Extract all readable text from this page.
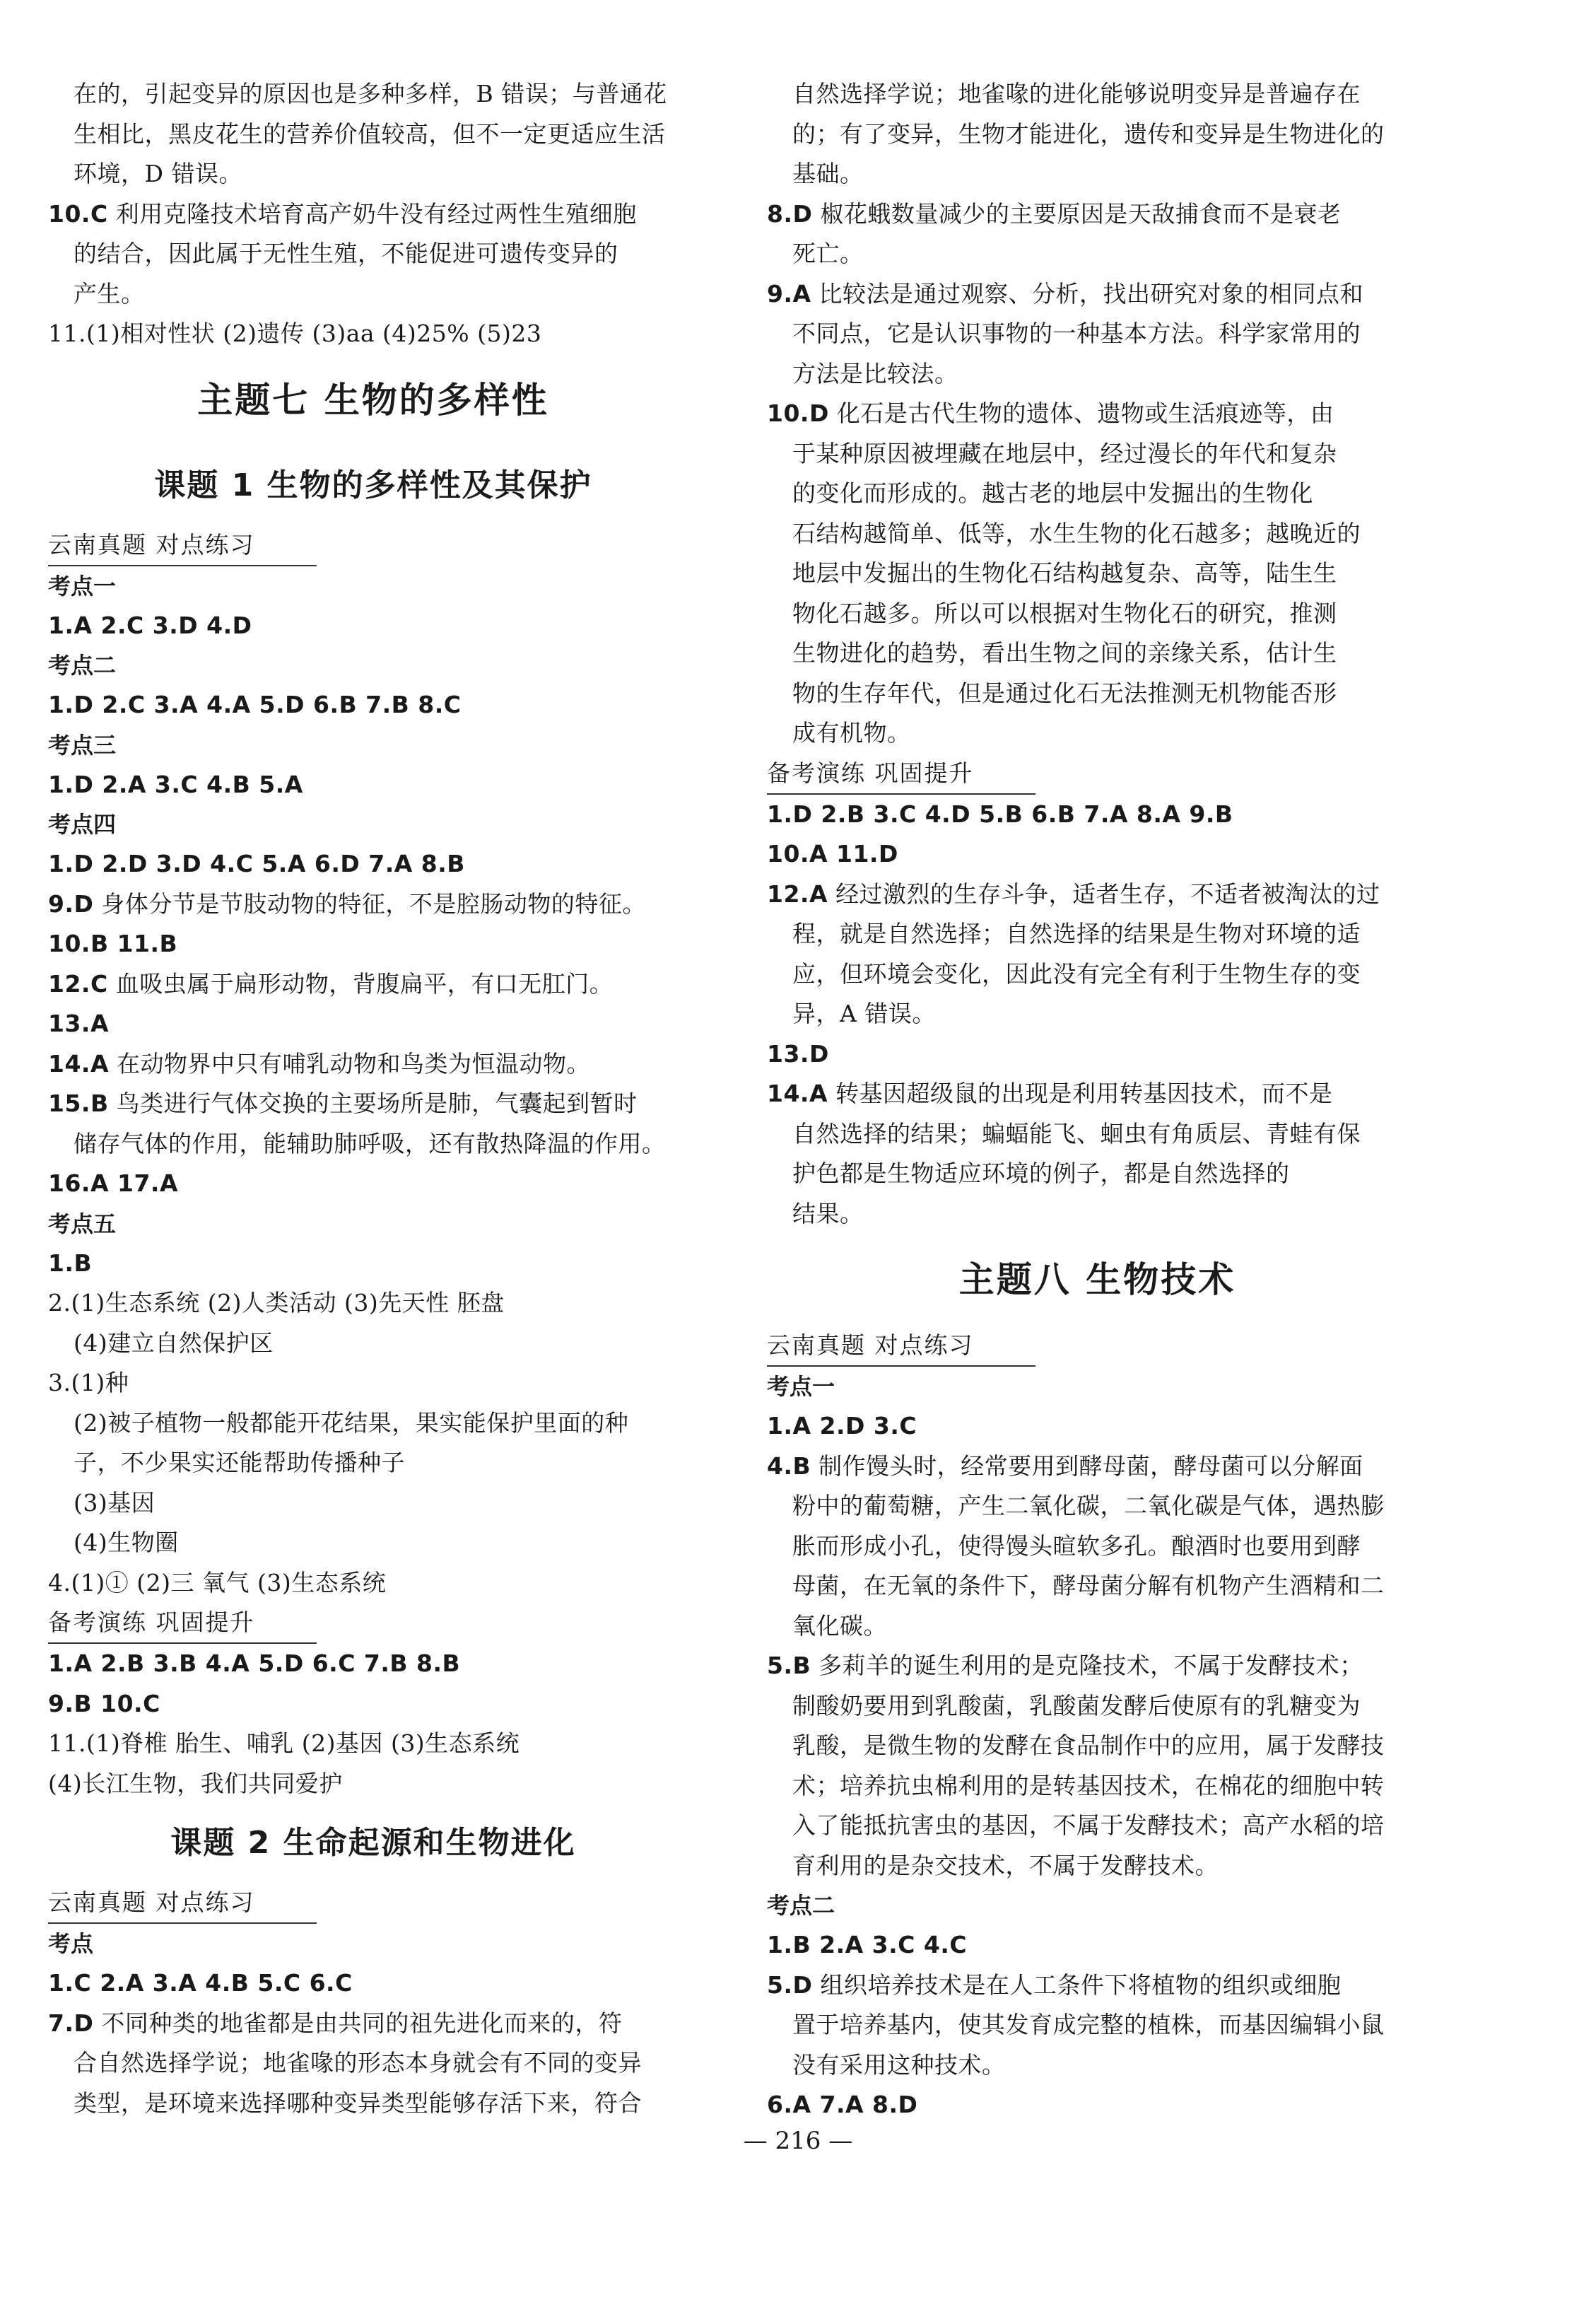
在的，引起变异的原因也是多种多样，B 错误；与普通花
生相比，黑皮花生的营养价值较高，但不一定更适应生活
环境，D 错误。
10.C 利用克隆技术培育高产奶牛没有经过两性生殖细胞
的结合，因此属于无性生殖，不能促进可遗传变异的
产生。
11.(1)相对性状 (2)遗传 (3)aa (4)25% (5)23
主题七 生物的多样性
课题 1 生物的多样性及其保护
云南真题 对点练习
考点一
1.A 2.C 3.D 4.D
考点二
1.D 2.C 3.A 4.A 5.D 6.B 7.B 8.C
考点三
1.D 2.A 3.C 4.B 5.A
考点四
1.D 2.D 3.D 4.C 5.A 6.D 7.A 8.B
9.D 身体分节是节肢动物的特征，不是腔肠动物的特征。
10.B 11.B
12.C 血吸虫属于扁形动物，背腹扁平，有口无肛门。
13.A
14.A 在动物界中只有哺乳动物和鸟类为恒温动物。
15.B 鸟类进行气体交换的主要场所是肺，气囊起到暂时
储存气体的作用，能辅助肺呼吸，还有散热降温的作用。
16.A 17.A
考点五
1.B
2.(1)生态系统 (2)人类活动 (3)先天性 胚盘
(4)建立自然保护区
3.(1)种
(2)被子植物一般都能开花结果，果实能保护里面的种
子，不少果实还能帮助传播种子
(3)基因
(4)生物圈
4.(1)① (2)三 氧气 (3)生态系统
备考演练 巩固提升
1.A 2.B 3.B 4.A 5.D 6.C 7.B 8.B
9.B 10.C
11.(1)脊椎 胎生、哺乳 (2)基因 (3)生态系统
(4)长江生物，我们共同爱护
课题 2 生命起源和生物进化
云南真题 对点练习
考点
1.C 2.A 3.A 4.B 5.C 6.C
7.D 不同种类的地雀都是由共同的祖先进化而来的，符
合自然选择学说；地雀喙的形态本身就会有不同的变异
类型，是环境来选择哪种变异类型能够存活下来，符合
自然选择学说；地雀喙的进化能够说明变异是普遍存在
的；有了变异，生物才能进化，遗传和变异是生物进化的
基础。
8.D 椒花蛾数量减少的主要原因是天敌捕食而不是衰老
死亡。
9.A 比较法是通过观察、分析，找出研究对象的相同点和
不同点，它是认识事物的一种基本方法。科学家常用的
方法是比较法。
10.D 化石是古代生物的遗体、遗物或生活痕迹等，由
于某种原因被埋藏在地层中，经过漫长的年代和复杂
的变化而形成的。越古老的地层中发掘出的生物化
石结构越简单、低等，水生生物的化石越多；越晚近的
地层中发掘出的生物化石结构越复杂、高等，陆生生
物化石越多。所以可以根据对生物化石的研究，推测
生物进化的趋势，看出生物之间的亲缘关系，估计生
物的生存年代，但是通过化石无法推测无机物能否形
成有机物。
备考演练 巩固提升
1.D 2.B 3.C 4.D 5.B 6.B 7.A 8.A 9.B
10.A 11.D
12.A 经过激烈的生存斗争，适者生存，不适者被淘汰的过
程，就是自然选择；自然选择的结果是生物对环境的适
应，但环境会变化，因此没有完全有利于生物生存的变
异，A 错误。
13.D
14.A 转基因超级鼠的出现是利用转基因技术，而不是
自然选择的结果；蝙蝠能飞、蛔虫有角质层、青蛙有保
护色都是生物适应环境的例子，都是自然选择的
结果。
主题八 生物技术
云南真题 对点练习
考点一
1.A 2.D 3.C
4.B 制作馒头时，经常要用到酵母菌，酵母菌可以分解面
粉中的葡萄糖，产生二氧化碳，二氧化碳是气体，遇热膨
胀而形成小孔，使得馒头暄软多孔。酿酒时也要用到酵
母菌，在无氧的条件下，酵母菌分解有机物产生酒精和二
氧化碳。
5.B 多莉羊的诞生利用的是克隆技术，不属于发酵技术；
制酸奶要用到乳酸菌，乳酸菌发酵后使原有的乳糖变为
乳酸，是微生物的发酵在食品制作中的应用，属于发酵技
术；培养抗虫棉利用的是转基因技术，在棉花的细胞中转
入了能抵抗害虫的基因，不属于发酵技术；高产水稻的培
育利用的是杂交技术，不属于发酵技术。
考点二
1.B 2.A 3.C 4.C
5.D 组织培养技术是在人工条件下将植物的组织或细胞
置于培养基内，使其发育成完整的植株，而基因编辑小鼠
没有采用这种技术。
6.A 7.A 8.D
— 216 —
